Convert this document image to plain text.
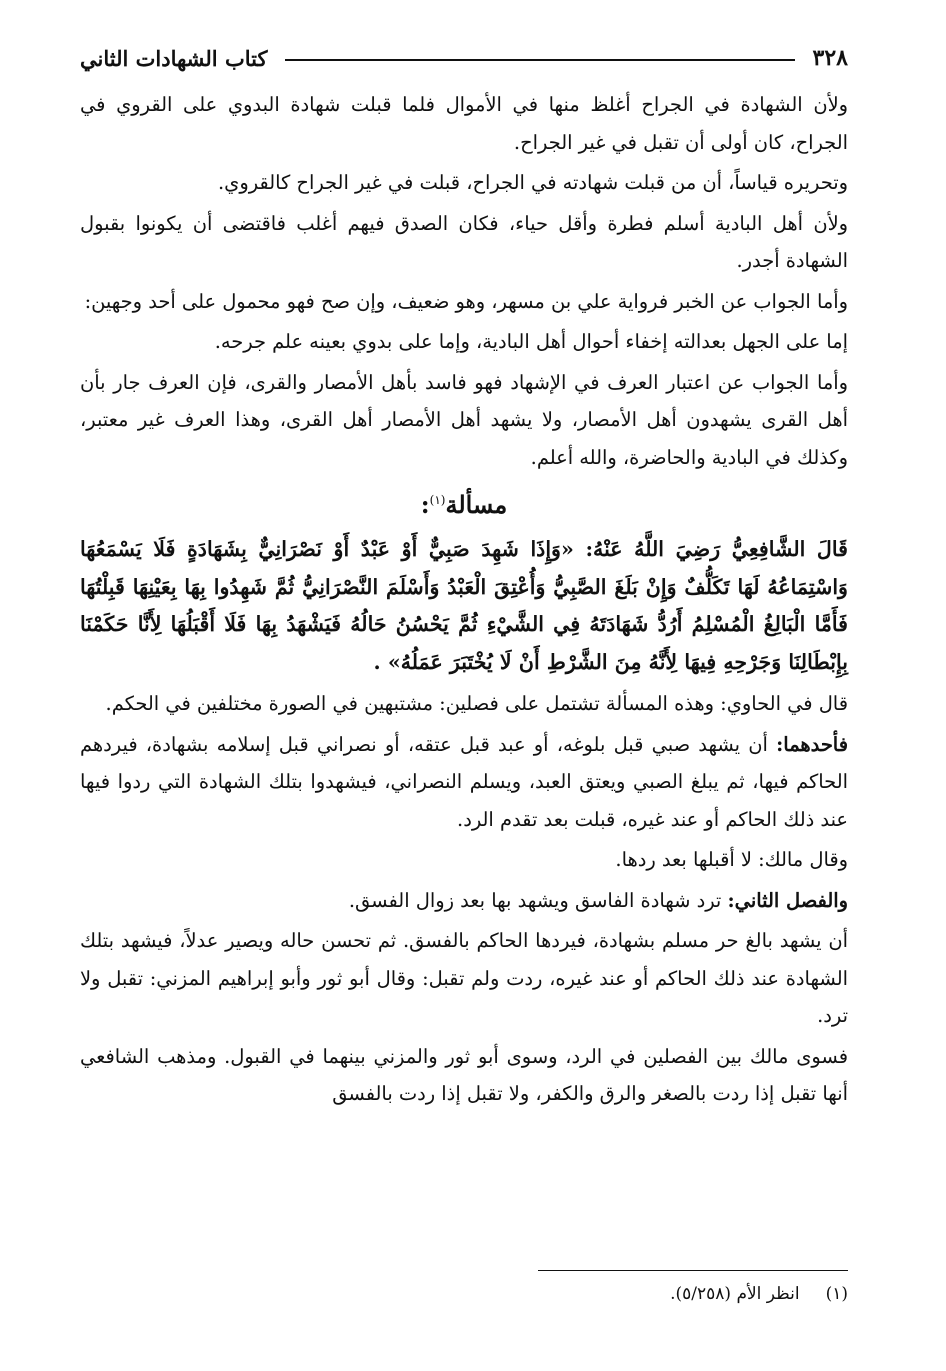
٣٢٨
كتاب الشهادات الثاني

ولأن الشهادة في الجراح أغلظ منها في الأموال فلما قبلت شهادة البدوي على القروي في الجراح، كان أولى أن تقبل في غير الجراح.

وتحريره قياساً، أن من قبلت شهادته في الجراح، قبلت في غير الجراح كالقروي.

ولأن أهل البادية أسلم فطرة وأقل حياء، فكان الصدق فيهم أغلب فاقتضى أن يكونوا بقبول الشهادة أجدر.

وأما الجواب عن الخبر فرواية علي بن مسهر، وهو ضعيف، وإن صح فهو محمول على أحد وجهين:

إما على الجهل بعدالته إخفاء أحوال أهل البادية، وإما على بدوي بعينه علم جرحه.

وأما الجواب عن اعتبار العرف في الإشهاد فهو فاسد بأهل الأمصار والقرى، فإن العرف جار بأن أهل القرى يشهدون أهل الأمصار، ولا يشهد أهل الأمصار أهل القرى، وهذا العرف غير معتبر، وكذلك في البادية والحاضرة، والله أعلم.

مسألة$^{(١)}$:

قَالَ الشَّافِعِيُّ رَضِيَ اللَّهُ عَنْهُ: «وَإِذَا شَهِدَ صَبِيٌّ أَوْ عَبْدٌ أَوْ نَصْرَانِيٌّ بِشَهَادَةٍ فَلَا يَسْمَعُهَا وَاسْتِمَاعُهُ لَهَا تَكَلُّفٌ وَإِنْ بَلَغَ الصَّبِيُّ وَأُعْتِقَ الْعَبْدُ وَأَسْلَمَ النَّصْرَانِيُّ ثُمَّ شَهِدُوا بِهَا بِعَيْنِهَا قَبِلْتُهَا فَأَمَّا الْبَالِغُ الْمُسْلِمُ أَرُدُّ شَهَادَتَهُ فِي الشَّيْءِ ثُمَّ يَحْسُنُ حَالُهُ فَيَشْهَدُ بِهَا فَلَا أَقْبَلُهَا لِأَنَّا حَكَمْنَا بِإِبْطَالِنَا وَجَرْحِهِ فِيهَا لِأَنَّهُ مِنَ الشَّرْطِ أَنْ لَا يُخْتَبَرَ عَمَلُهُ» .

قال في الحاوي: وهذه المسألة تشتمل على فصلين: مشتبهين في الصورة مختلفين في الحكم.

فأحدهما: أن يشهد صبي قبل بلوغه، أو عبد قبل عتقه، أو نصراني قبل إسلامه بشهادة، فيردهم الحاكم فيها، ثم يبلغ الصبي ويعتق العبد، ويسلم النصراني، فيشهدوا بتلك الشهادة التي ردوا فيها عند ذلك الحاكم أو عند غيره، قبلت بعد تقدم الرد.

وقال مالك: لا أقبلها بعد ردها.

والفصل الثاني: ترد شهادة الفاسق ويشهد بها بعد زوال الفسق.

أن يشهد بالغ حر مسلم بشهادة، فيردها الحاكم بالفسق. ثم تحسن حاله ويصير عدلاً، فيشهد بتلك الشهادة عند ذلك الحاكم أو عند غيره، ردت ولم تقبل: وقال أبو ثور وأبو إبراهيم المزني: تقبل ولا ترد.

فسوى مالك بين الفصلين في الرد، وسوى أبو ثور والمزني بينهما في القبول. ومذهب الشافعي أنها تقبل إذا ردت بالصغر والرق والكفر، ولا تقبل إذا ردت بالفسق

(١)انظر الأم (٥/٢٥٨).
